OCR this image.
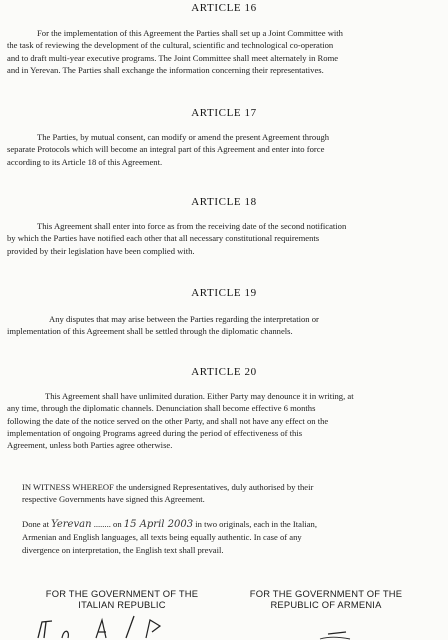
ARTICLE 16
For the implementation of this Agreement the Parties shall set up a Joint Committee with
the task of reviewing the development of the cultural, scientific and technological co-operation
and to draft multi-year executive programs. The Joint Committee shall meet alternately in Rome
and in Yerevan. The Parties shall exchange the information concerning their representatives.
ARTICLE 17
The Parties, by mutual consent, can modify or amend the present Agreement through
separate Protocols which will become an integral part of this Agreement and enter into force
according to its Article 18 of this Agreement.
ARTICLE 18
This Agreement shall enter into force as from the receiving date of the second notification
by which the Parties have notified each other that all necessary constitutional requirements
provided by their legislation have been complied with.
ARTICLE 19
Any disputes that may arise between the Parties regarding the interpretation or
implementation of this Agreement shall be settled through the diplomatic channels.
ARTICLE 20
This Agreement shall have unlimited duration. Either Party may denounce it in writing, at
any time, through the diplomatic channels. Denunciation shall become effective 6 months
following the date of the notice served on the other Party, and shall not have any effect on the
implementation of ongoing Programs agreed during the period of effectiveness of this
Agreement, unless both Parties agree otherwise.
IN WITNESS WHEREOF the undersigned Representatives, duly authorised by their
respective Governments have signed this Agreement.
Done at Yerevan ........ on 15 April 2003 in two originals, each in the Italian,
Armenian and English languages, all texts being equally authentic. In case of any
divergence on interpretation, the English text shall prevail.
FOR THE GOVERNMENT OF THE
ITALIAN REPUBLIC
FOR THE GOVERNMENT OF THE
REPUBLIC OF ARMENIA
